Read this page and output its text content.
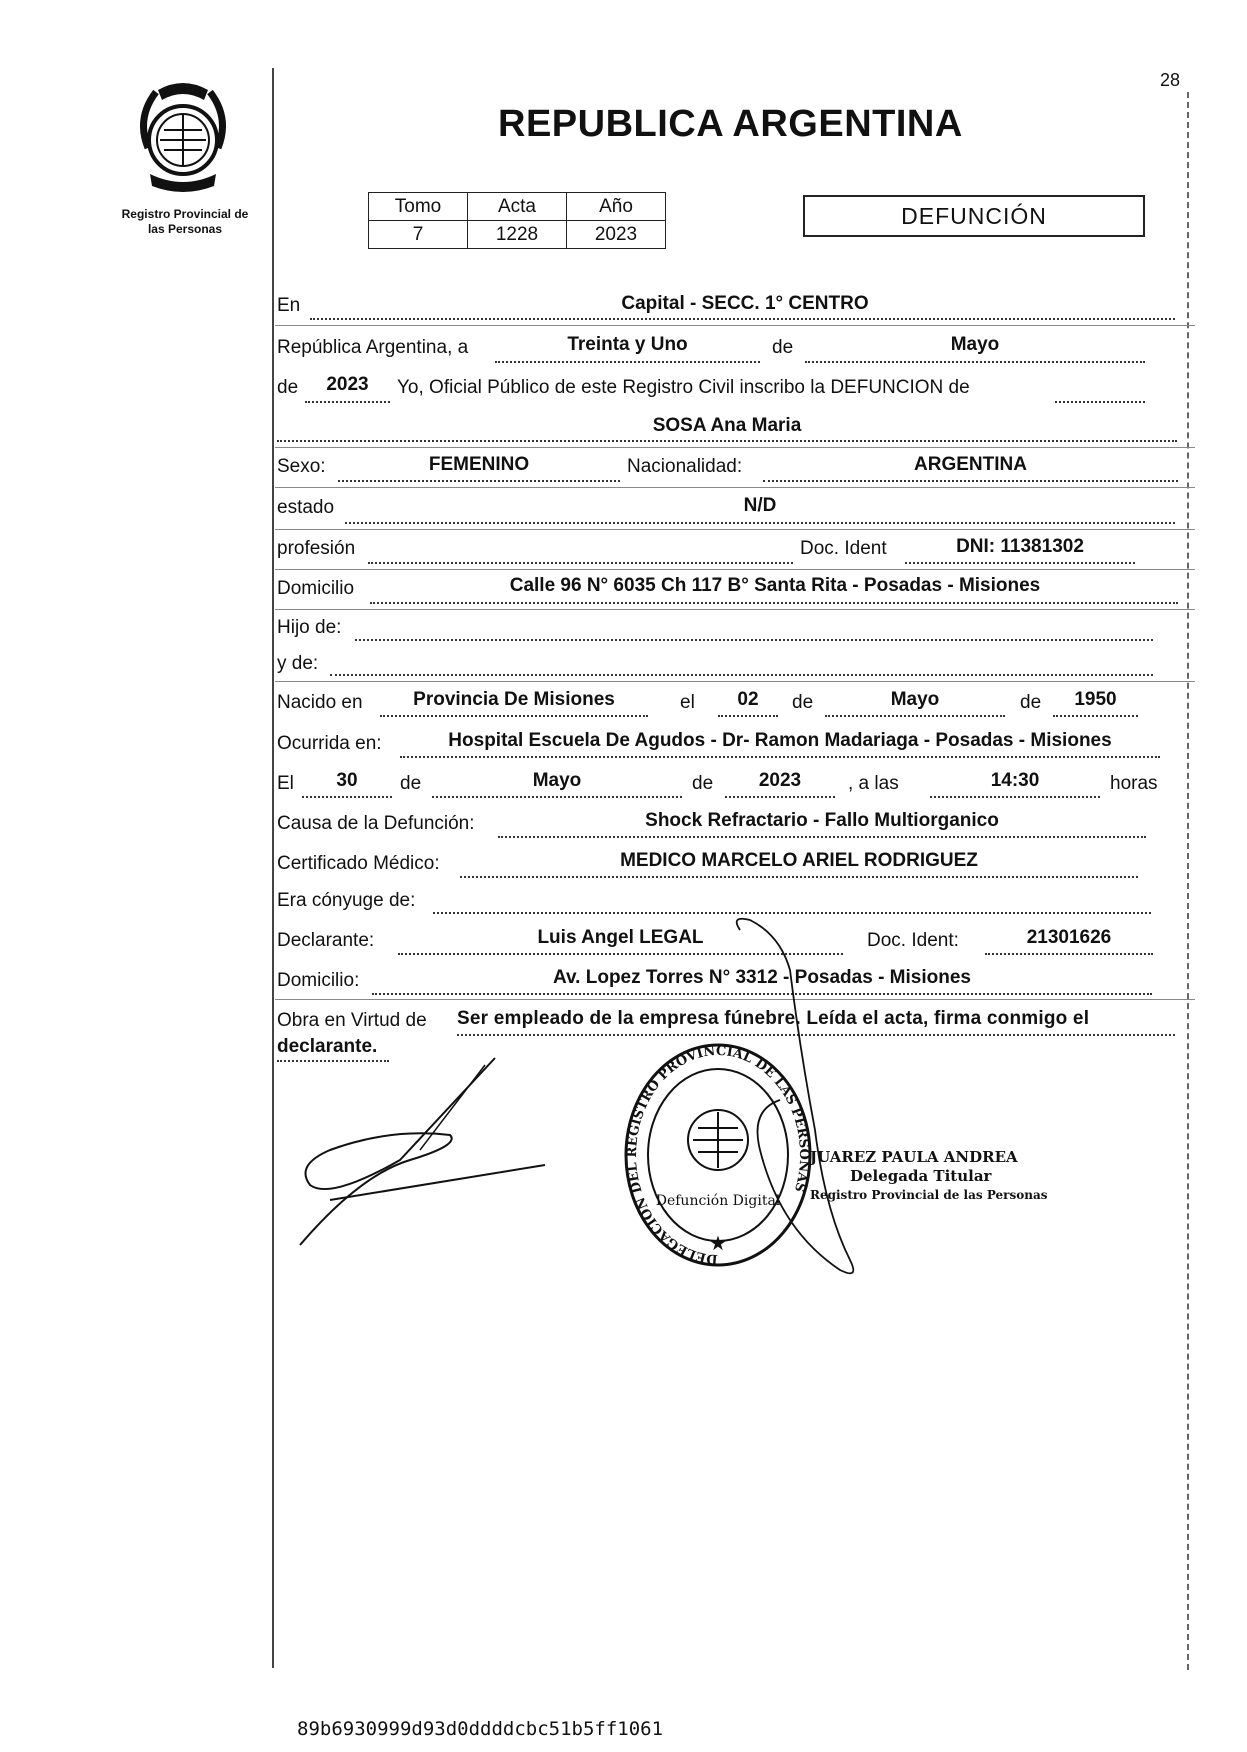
Registro Provincial de
las Personas
28
REPUBLICA ARGENTINA
Tomo	Acta	Año
7	1228	2023
DEFUNCIÓN
En	Capital - SECC. 1° CENTRO
República Argentina, a	Treinta y Uno	de	Mayo
de	2023	Yo, Oficial Público de este Registro Civil inscribo la DEFUNCION de
SOSA Ana Maria
Sexo:	FEMENINO	Nacionalidad:	ARGENTINA
estado	N/D
profesión	Doc. Ident	DNI: 11381302
Domicilio	Calle 96 N° 6035 Ch 117 B° Santa Rita - Posadas - Misiones
Hijo de:
y de:
Nacido en	Provincia De Misiones	el	02	de	Mayo	de	1950
Ocurrida en:	Hospital Escuela De Agudos - Dr- Ramon Madariaga - Posadas - Misiones
El	30	de	Mayo	de	2023	, a las	14:30	horas
Causa de la Defunción:	Shock Refractario - Fallo Multiorganico
Certificado Médico:	MEDICO MARCELO ARIEL RODRIGUEZ
Era cónyuge de:
Declarante:	Luis Angel LEGAL	Doc. Ident:	21301626
Domicilio:	Av. Lopez Torres N° 3312 - Posadas - Misiones
Obra en Virtud de Ser empleado de la empresa fúnebre. Leída el acta, firma conmigo el
declarante.
DELEGACION DEL REGISTRO PROVINCIAL DE LAS PERSONAS
Defunción Digital
★
JUAREZ PAULA ANDREA
Delegada Titular
Registro Provincial de las Personas
89b6930999d93d0ddddcbc51b5ff1061
